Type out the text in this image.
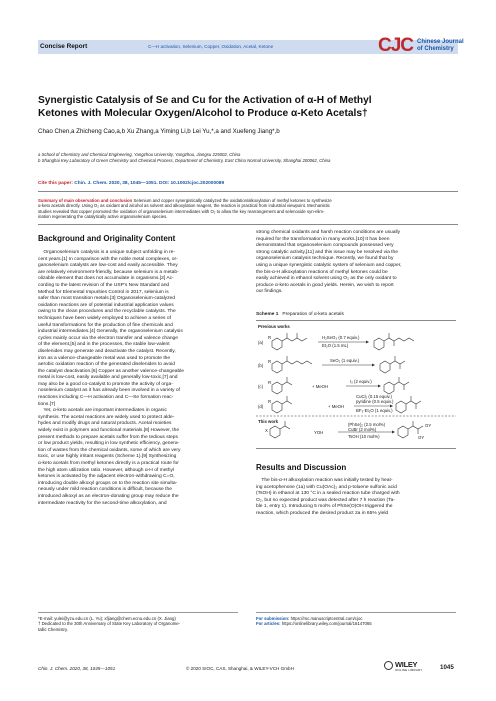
Concise Report	C—H activation, Selenium, Copper, Oxidation, Acetal, Ketone	CJC Chinese Journal
of Chemistry
Synergistic Catalysis of Se and Cu for the Activation of α-H of Methyl
Ketones with Molecular Oxygen/Alcohol to Produce α-Keto Acetals†
Chao Chen,a Zhicheng Cao,a,b Xu Zhang,a Yiming Li,b Lei Yu,*,a and Xuefeng Jiang*,b
a School of Chemistry and Chemical Engineering, Yangzhou University, Yangzhou, Jiangsu 225002, China
b Shanghai Key Laboratory of Green Chemistry and Chemical Process, Department of Chemistry, East China Normal University, Shanghai 200062, China
Cite this paper: Chin. J. Chem. 2020, 38, 1045—1051. DOI: 10.1002/cjoc.202000089
Summary of main observation and conclusion Selenium and copper synergistically catalyzed the oxidation/alkoxylation of methyl ketones to synthesize
α-keto acetals directly. Using O₂ as oxidant and alcohol as solvent and alkoxylation reagent, the reaction is practical from industrial viewpoint. Mechanistic
studies revealed that copper promoted the oxidation of organoselenium intermediates with O₂ to allow the key rearrangement and selenoxide syn-elim-
ination regenerating the catalytically active organoselenium species.
Background and Originality Content
Organoselenium catalysis is a unique subject unfolding in re-
cent years.[1] In comparison with the noble metal complexes, or-
ganoselenium catalysts are low-cost and easily accessible. They
are relatively environment-friendly, because selenium is a metab-
olizable element that does not accumulate in organisms.[2] Ac-
cording to the latest revision of the USP's New Standard and
Method for Elemental Impurities Control in 2017, selenium is
safer than most transition metals.[3] Organoselenium-catalyzed
oxidation reactions are of potential industrial application values
owing to the clean procedures and the recyclable catalysts. The
techniques have been widely employed to achieve a series of
useful transformations for the production of fine chemicals and
industrial intermediates.[4] Generally, the organoselenium catalysis
cycles mainly occur via the electron transfer and valence change
of the element,[5] and in the processes, the stable low-valent
diselenides may generate and deactivate the catalyst. Recently,
iron as a valence-changeable metal was used to promote the
aerobic oxidation reaction of the generated diselenides to avoid
the catalyst deactivation.[6] Copper as another valence-changeable
metal is low-cost, easily available and generally low-toxic,[7] and
may also be a good co-catalyst to promote the activity of orga-
noselenium catalyst as it has already been involved in a variety of
reactions including C—H activation and C—Se formation reac-
tions.[7]
Yet, α-keto acetals are important intermediates in organic
synthesis. The acetal reactions are widely used to protect alde-
hydes and modify drugs and natural products. Acetal moieties
widely exist in polymers and functional materials.[8] However, the
present methods to prepare acetals suffer from the tedious steps
or low product yields, resulting in low synthetic efficiency, genera-
tion of wastes from the chemical oxidants, some of which are very
toxic, or use highly irritant reagents (Scheme 1).[9] Synthesizing
α-keto acetals from methyl ketones directly is a practical route for
the high atom utilization ratio. However, although α-H of methyl
ketones is activated by the adjacent electron-withdrawing C=O,
introducing double alkoxyl groups on to the reaction site simulta-
neously under mild reaction conditions is difficult, because the
introduced alkoxyl as an electron-donating group may reduce the
intermediate reactivity for the second-time alkoxylation, and
strong chemical oxidants and harsh reaction conditions are usually
required for the transformation in many works.[10] It has been
demonstrated that organoselenium compounds possessed very
strong catalytic activity,[11] and this issue may be resolved via the
organoselenium catalysis technique. Recently, we found that by
using a unique synergistic catalytic system of selenium and copper,
the bis-α-H alkoxylation reactions of methyl ketones could be
easily achieved in ethanol solvent using O₂ as the only oxidant to
produce α-keto acetals in good yields. Herein, we wish to report
our findings.
Scheme 1 Preparation of α-keto acetals
Previous works
(a)
(b)
(c)
(d)
R
R
R
R
X
H₂SeO₃ (0.7 equiv.)
Et₂O (1.5 mL)
SeO₂ (1 equiv.)
+ MeOH
I₂ (2 equiv.)
+ MeOH
CuCl₂ (0.15 equiv.)
pyridine (0.5 equiv.)
BF₃·Et₂O (1 equiv.)
This work
YOH
(PhSe)₂ (2.5 mol%)
CuBr (2 mol%)
TsOH (10 mol%)
OY
OY
Results and Discussion
The bis-α-H alkoxylation reaction was initially tested by heat-
ing acetophenone (1a) with Cu(OAc)₂ and p-toluene sulfonic acid
(TsOH) in ethanol at 130 °C in a sealed reaction tube charged with
O₂, but no expected product was detected after 7 h reaction (Ta-
ble 1, entry 1). Introducing 5 mol% of PhSe(O)OH triggered the
reaction, which produced the desired product 2a in 65% yield
*E-mail: yulei@yzu.edu.cn (L. Yu); xfjiang@chem.ecnu.edu.cn (X. Jiang)
† Dedicated to the 30th Anniversary of State Key Laboratory of Organome-
tallic Chemistry.
For submission: https://mc.manuscriptcentral.com/cjoc
For articles: https://onlinelibrary.wiley.com/journal/16147065
Chin. J. Chem. 2020, 38, 1045—1051	© 2020 SIOC, CAS, Shanghai, & WILEY-VCH GmbH	WILEY
ONLINE LIBRARY	1045
